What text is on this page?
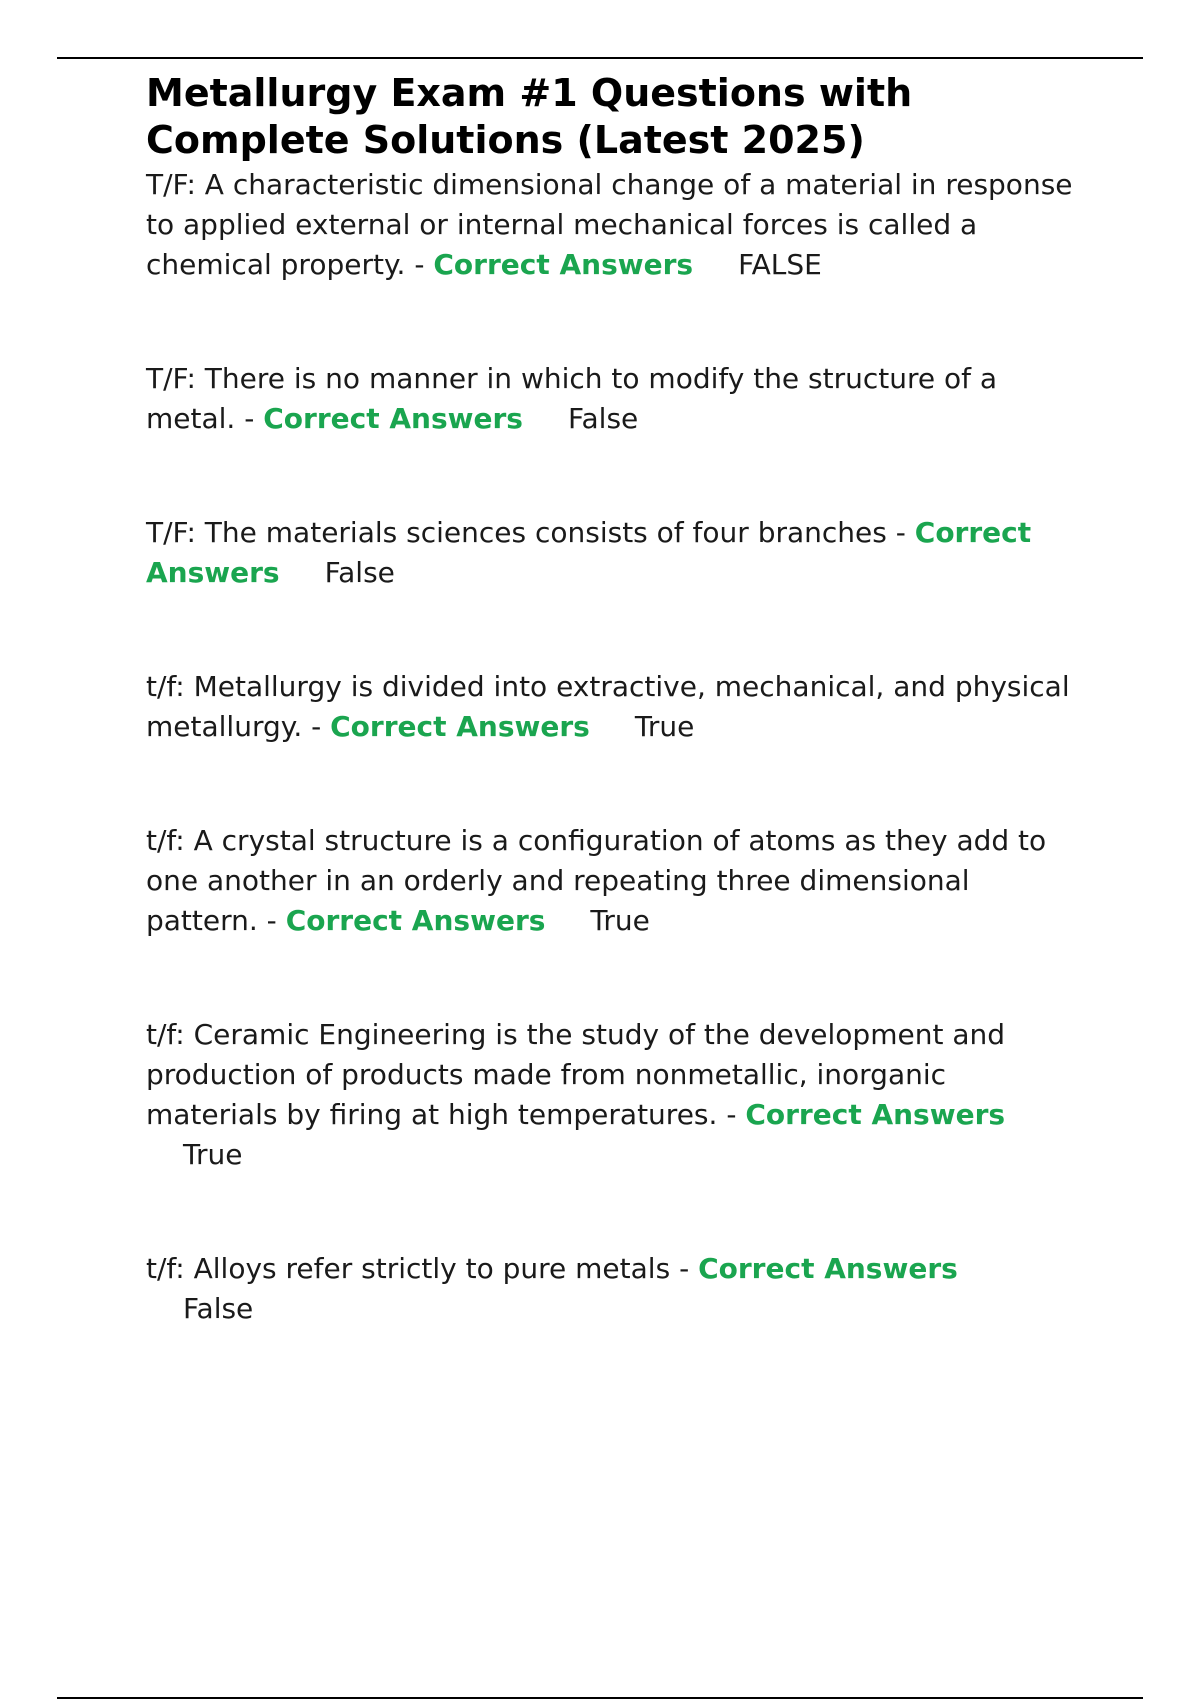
Metallurgy Exam #1 Questions with Complete Solutions (Latest 2025)
T/F: A characteristic dimensional change of a material in response to applied external or internal mechanical forces is called a chemical property. - Correct Answers FALSE
T/F: There is no manner in which to modify the structure of a metal. - Correct Answers False
T/F: The materials sciences consists of four branches - Correct Answers False
t/f: Metallurgy is divided into extractive, mechanical, and physical metallurgy. - Correct Answers True
t/f: A crystal structure is a configuration of atoms as they add to one another in an orderly and repeating three dimensional pattern. - Correct Answers True
t/f: Ceramic Engineering is the study of the development and production of products made from nonmetallic, inorganic materials by firing at high temperatures. - Correct Answers
True
t/f: Alloys refer strictly to pure metals - Correct Answers
False
